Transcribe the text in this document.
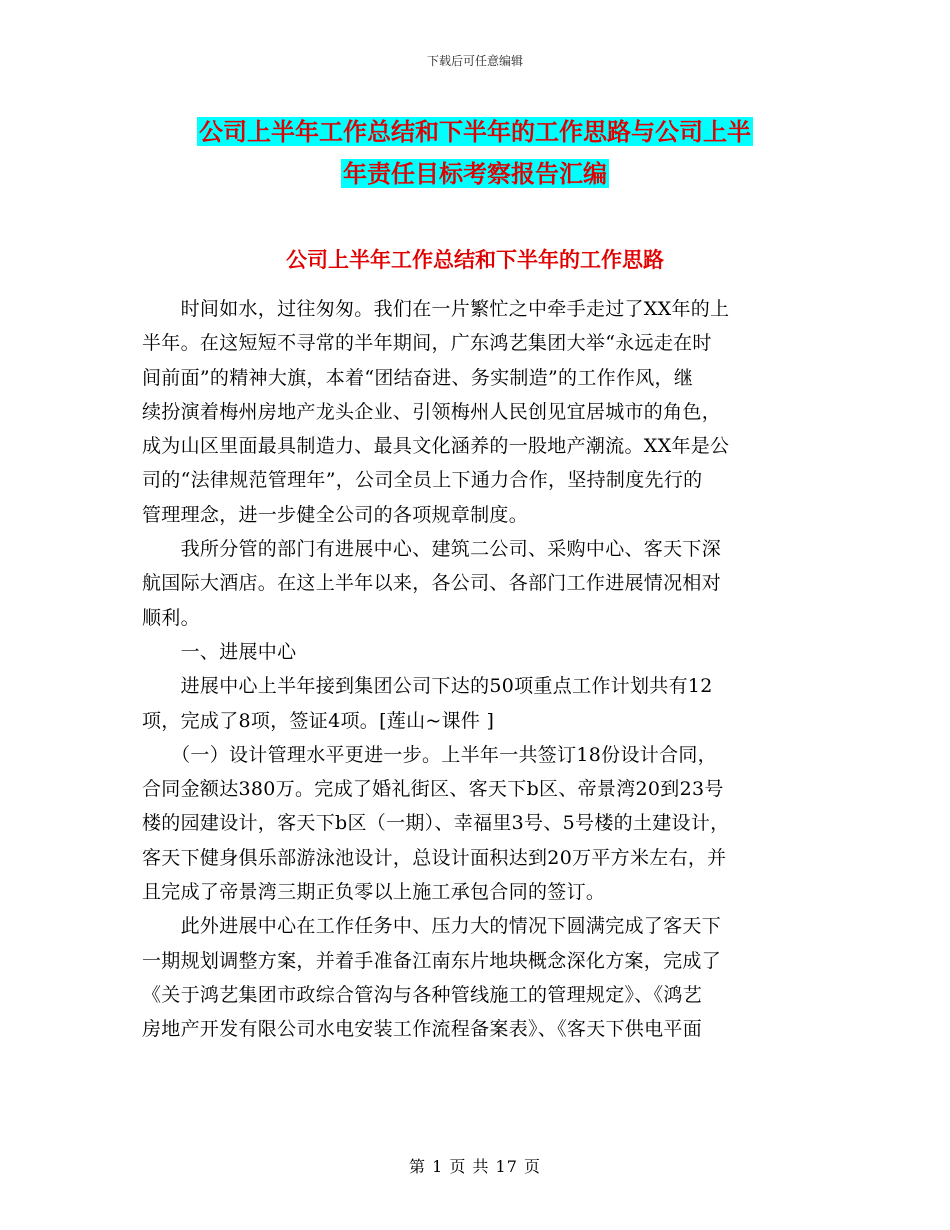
下载后可任意编辑
公司上半年工作总结和下半年的工作思路与公司上半
年责任目标考察报告汇编
公司上半年工作总结和下半年的工作思路

　　时间如水，过往匆匆。我们在一片繁忙之中牵手走过了XX年的上

半年。在这短短不寻常的半年期间，广东鸿艺集团大举“永远走在时

间前面”的精神大旗，本着“团结奋进、务实制造”的工作作风，继

续扮演着梅州房地产龙头企业、引领梅州人民创见宜居城市的角色，

成为山区里面最具制造力、最具文化涵养的一股地产潮流。XX年是公

司的“法律规范管理年”，公司全员上下通力合作，坚持制度先行的

管理理念，进一步健全公司的各项规章制度。

　　我所分管的部门有进展中心、建筑二公司、采购中心、客天下深

航国际大酒店。在这上半年以来，各公司、各部门工作进展情况相对

顺利。

　　一、进展中心

　　进展中心上半年接到集团公司下达的50项重点工作计划共有12

项，完成了8项，签证4项。[莲山~课件 ]

　　（一）设计管理水平更进一步。上半年一共签订18份设计合同，

合同金额达380万。完成了婚礼街区、客天下b区、帝景湾20到23号

楼的园建设计，客天下b区（一期）、幸福里3号、5号楼的土建设计，

客天下健身俱乐部游泳池设计，总设计面积达到20万平方米左右，并

且完成了帝景湾三期正负零以上施工承包合同的签订。

　　此外进展中心在工作任务中、压力大的情况下圆满完成了客天下

一期规划调整方案，并着手准备江南东片地块概念深化方案，完成了

《关于鸿艺集团市政综合管沟与各种管线施工的管理规定》、《鸿艺

房地产开发有限公司水电安装工作流程备案表》、《客天下供电平面

第 1 页 共 17 页
